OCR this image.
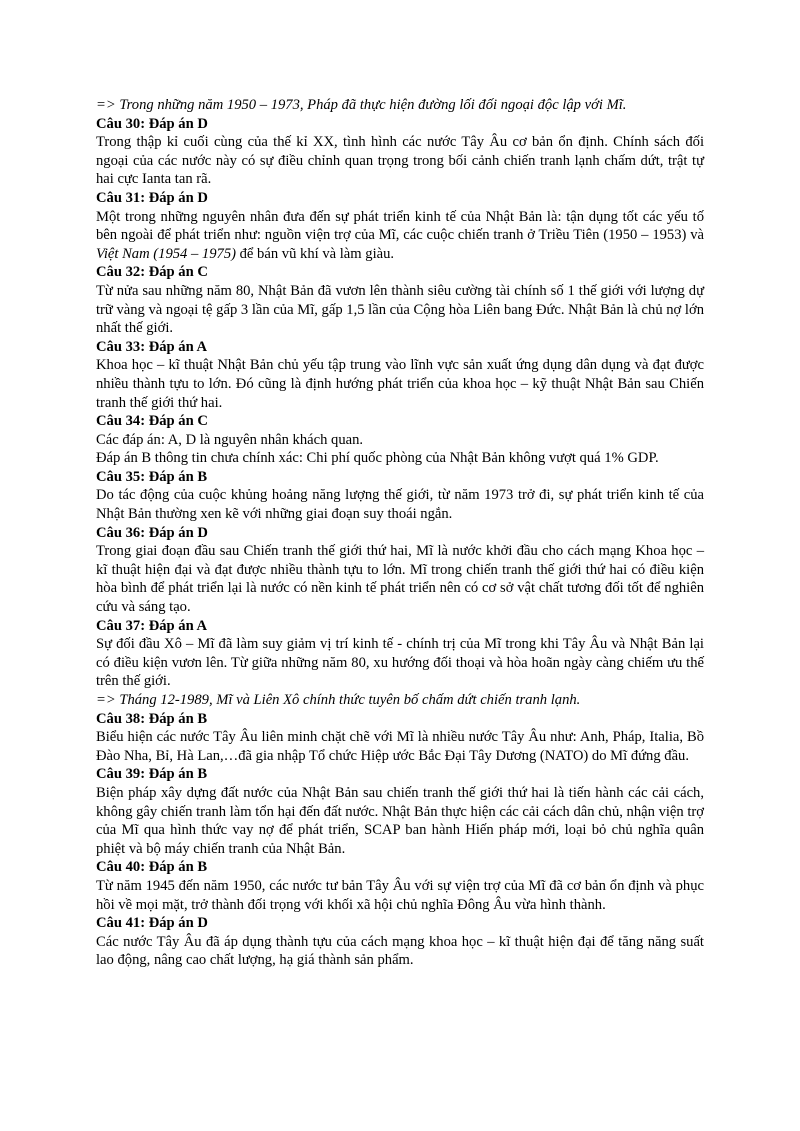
=> Trong những năm 1950 – 1973, Pháp đã thực hiện đường lối đối ngoại độc lập với Mĩ.

Câu 30: Đáp án D

Trong thập kỉ cuối cùng của thế kỉ XX, tình hình các nước Tây Âu cơ bản ổn định. Chính sách đối ngoại của các nước này có sự điều chỉnh quan trọng trong bối cảnh chiến tranh lạnh chấm dứt, trật tự hai cực Ianta tan rã.

Câu 31: Đáp án D

Một trong những nguyên nhân đưa đến sự phát triển kinh tế của Nhật Bản là: tận dụng tốt các yếu tố bên ngoài để phát triển như: nguồn viện trợ của Mĩ, các cuộc chiến tranh ở Triều Tiên (1950 – 1953) và Việt Nam (1954 – 1975) để bán vũ khí và làm giàu.

Câu 32: Đáp án C

Từ nửa sau những năm 80, Nhật Bản đã vươn lên thành siêu cường tài chính số 1 thế giới với lượng dự trữ vàng và ngoại tệ gấp 3 lần của Mĩ, gấp 1,5 lần của Cộng hòa Liên bang Đức. Nhật Bản là chủ nợ lớn nhất thế giới.

Câu 33: Đáp án A

Khoa học – kĩ thuật Nhật Bản chủ yếu tập trung vào lĩnh vực sản xuất ứng dụng dân dụng và đạt được nhiều thành tựu to lớn. Đó cũng là định hướng phát triển của khoa học – kỹ thuật Nhật Bản sau Chiến tranh thế giới thứ hai.

Câu 34: Đáp án C

Các đáp án: A, D là nguyên nhân khách quan.

Đáp án B thông tin chưa chính xác: Chi phí quốc phòng của Nhật Bản không vượt quá 1% GDP.

Câu 35: Đáp án B

Do tác động của cuộc khủng hoảng năng lượng thế giới, từ năm 1973 trở đi, sự phát triển kinh tế của Nhật Bản thường xen kẽ với những giai đoạn suy thoái ngắn.

Câu 36: Đáp án D

Trong giai đoạn đầu sau Chiến tranh thế giới thứ hai, Mĩ là nước khởi đầu cho cách mạng Khoa học – kĩ thuật hiện đại và đạt được nhiều thành tựu to lớn. Mĩ trong chiến tranh thế giới thứ hai có điều kiện hòa bình để phát triển lại là nước có nền kinh tế phát triển nên có cơ sở vật chất tương đối tốt để nghiên cứu và sáng tạo.

Câu 37: Đáp án A

Sự đối đầu Xô – Mĩ đã làm suy giảm vị trí kinh tế - chính trị của Mĩ trong khi Tây Âu và Nhật Bản lại có điều kiện vươn lên. Từ giữa những năm 80, xu hướng đối thoại và hòa hoãn ngày càng chiếm ưu thế trên thế giới.

=> Tháng 12-1989, Mĩ và Liên Xô chính thức tuyên bố chấm dứt chiến tranh lạnh.

Câu 38: Đáp án B

Biểu hiện các nước Tây Âu liên minh chặt chẽ với Mĩ là nhiều nước Tây Âu như: Anh, Pháp, Italia, Bồ Đào Nha, Bỉ, Hà Lan,…đã gia nhập Tổ chức Hiệp ước Bắc Đại Tây Dương (NATO) do Mĩ đứng đầu.

Câu 39: Đáp án B

Biện pháp xây dựng đất nước của Nhật Bản sau chiến tranh thế giới thứ hai là tiến hành các cải cách, không gây chiến tranh làm tổn hại đến đất nước. Nhật Bản thực hiện các cải cách dân chủ, nhận viện trợ của Mĩ qua hình thức vay nợ để phát triển, SCAP ban hành Hiến pháp mới, loại bỏ chủ nghĩa quân phiệt và bộ máy chiến tranh của Nhật Bản.

Câu 40: Đáp án B

Từ năm 1945 đến năm 1950, các nước tư bản Tây Âu với sự viện trợ của Mĩ đã cơ bản ổn định và phục hồi về mọi mặt, trở thành đối trọng với khối xã hội chủ nghĩa Đông Âu vừa hình thành.

Câu 41: Đáp án D

Các nước Tây Âu đã áp dụng thành tựu của cách mạng khoa học – kĩ thuật hiện đại để tăng năng suất lao động, nâng cao chất lượng, hạ giá thành sản phẩm.
